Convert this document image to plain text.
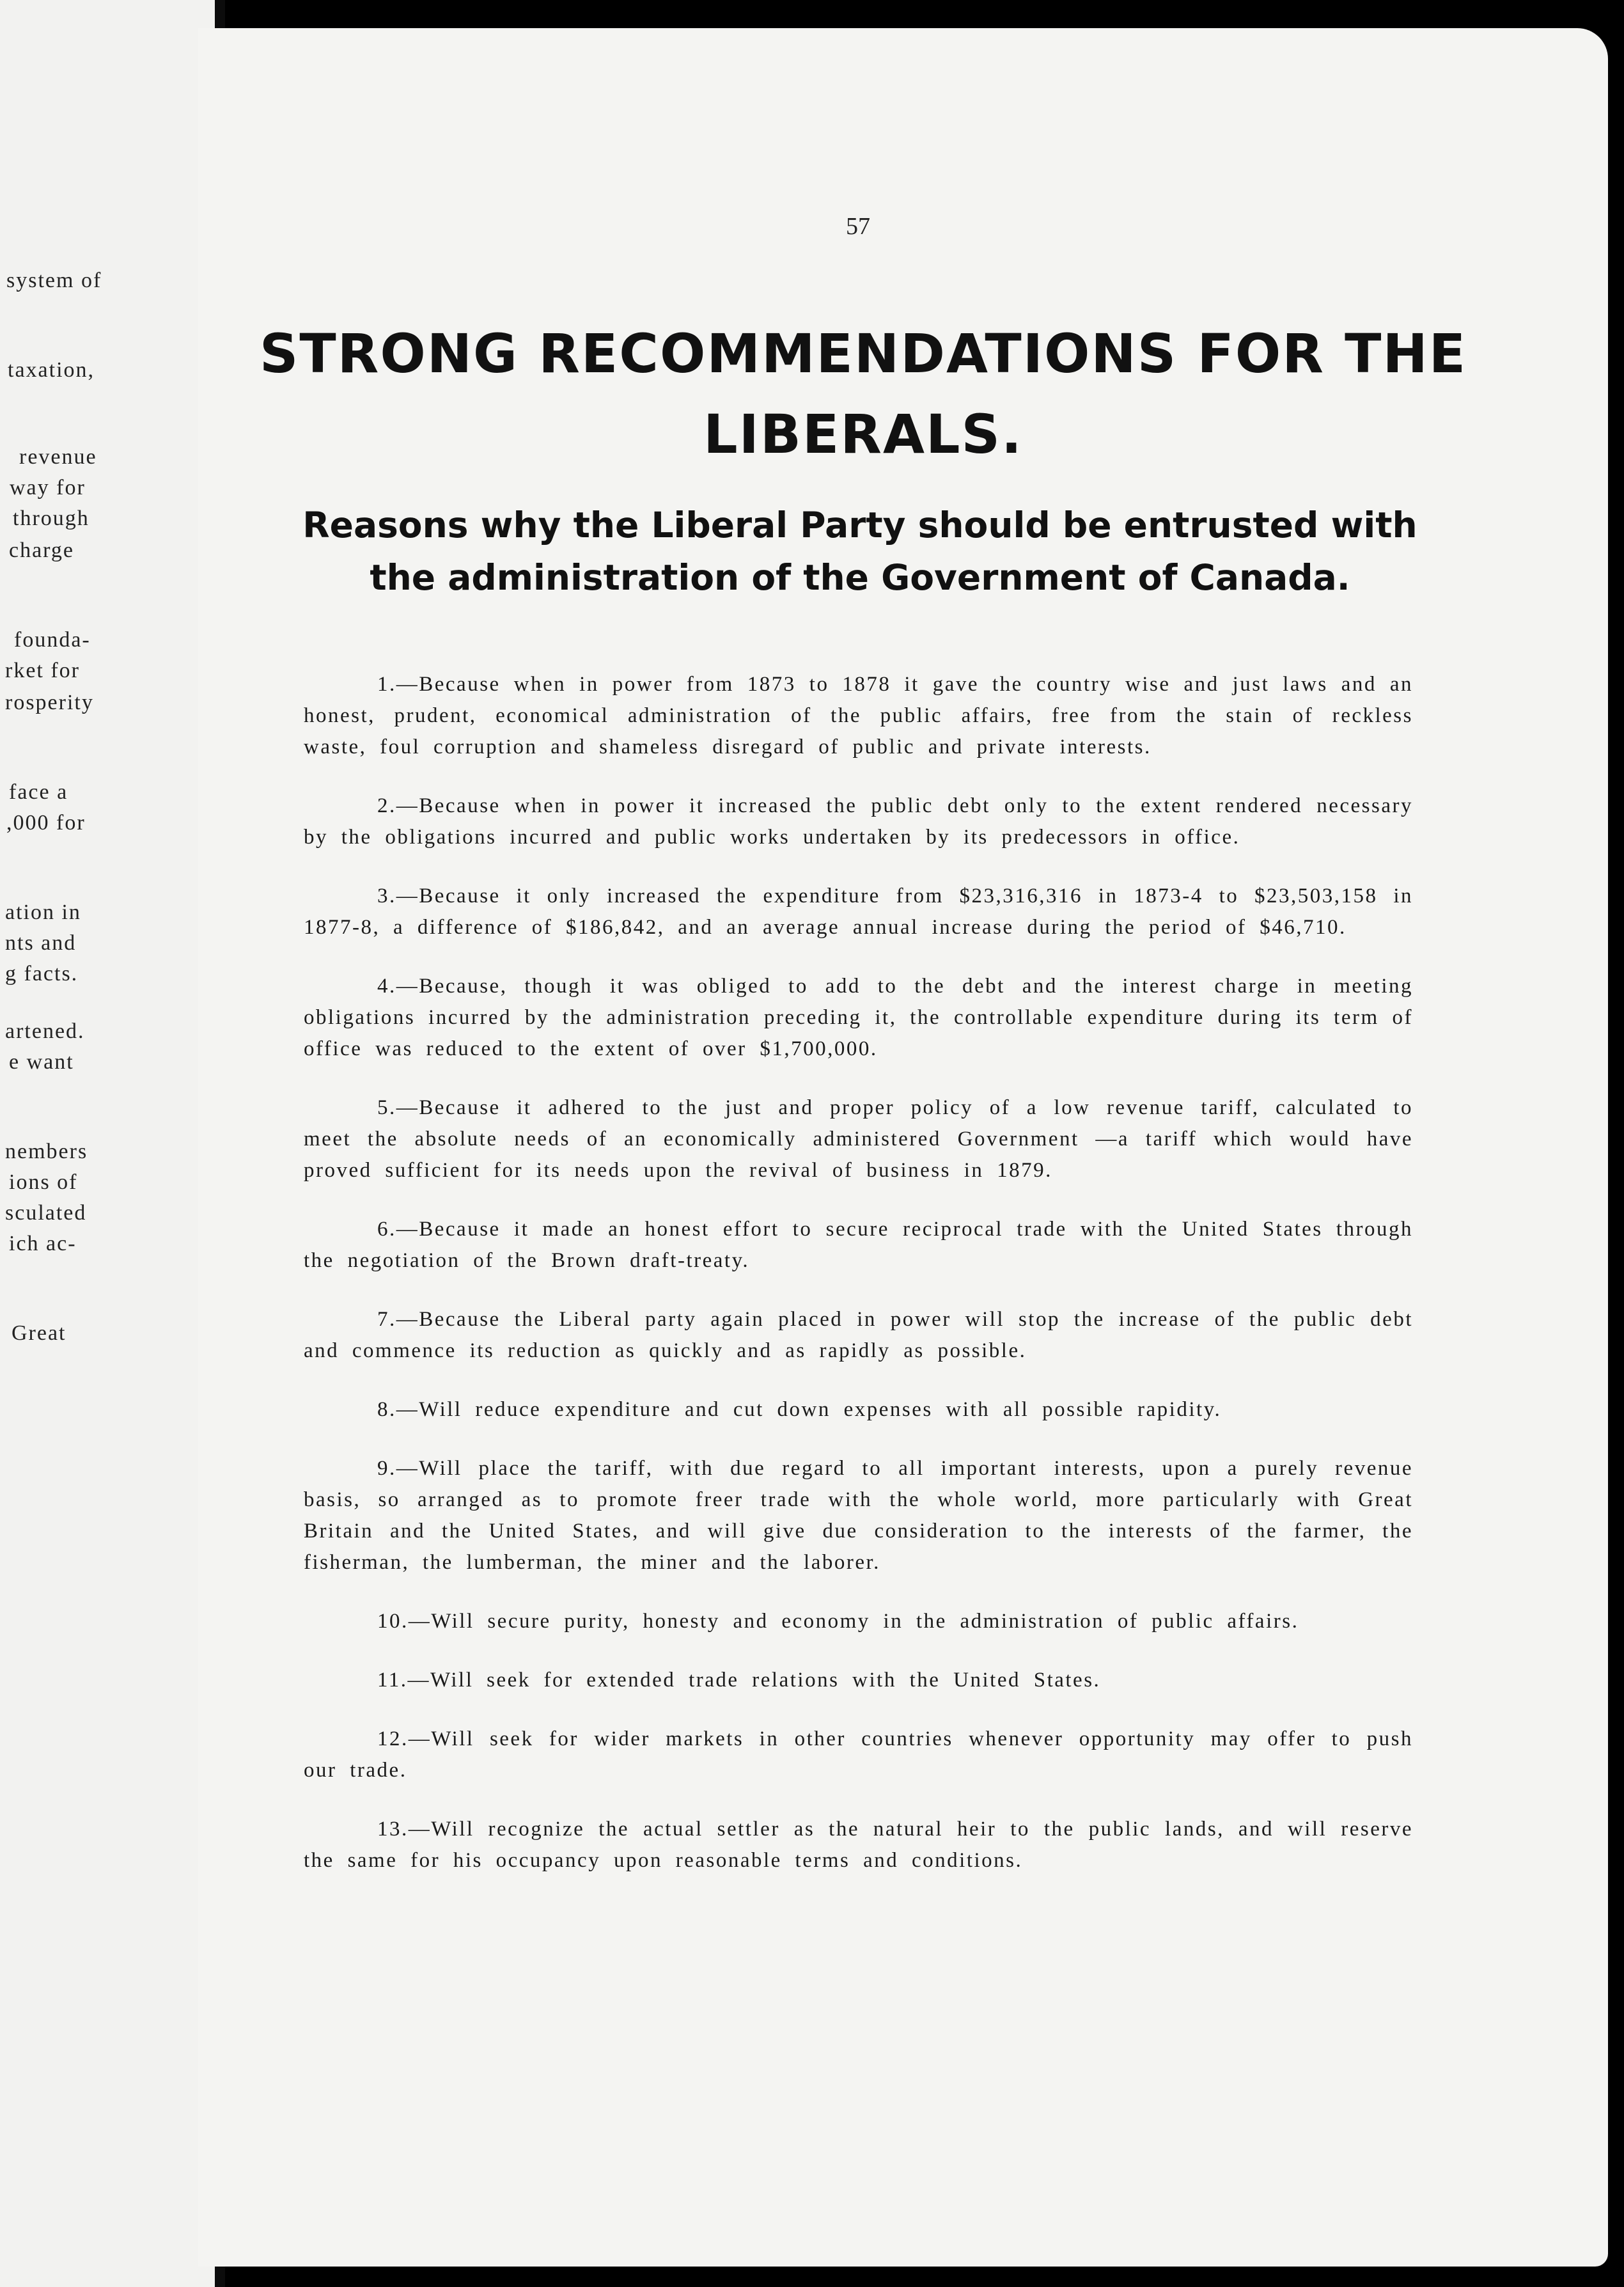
system of
taxation,
revenue
way for
through
charge
founda-
rket for
rosperity
face a
,000 for
ation in
nts and
g facts.
artened.
e want
nembers
ions of
sculated
ich ac-
Great
57
STRONG RECOMMENDATIONS FOR THE LIBERALS.
Reasons why the Liberal Party should be entrusted with the administration of the Government of Canada.

1.—Because when in power from 1873 to 1878 it gave the country wise and just laws and an honest, prudent, economical administration of the public affairs, free from the stain of reckless waste, foul corruption and shameless disregard of public and private interests.

2.—Because when in power it increased the public debt only to the extent rendered necessary by the obligations incurred and public works undertaken by its predecessors in office.

3.—Because it only increased the expenditure from $23,316,316 in 1873-4 to $23,503,158 in 1877-8, a difference of $186,842, and an average annual increase during the period of $46,710.

4.—Because, though it was obliged to add to the debt and the interest charge in meeting obligations incurred by the administration preceding it, the controllable expenditure during its term of office was reduced to the extent of over $1,700,000.

5.—Because it adhered to the just and proper policy of a low revenue tariff, calculated to meet the absolute needs of an economically administered Government —a tariff which would have proved sufficient for its needs upon the revival of business in 1879.

6.—Because it made an honest effort to secure reciprocal trade with the United States through the negotiation of the Brown draft-treaty.

7.—Because the Liberal party again placed in power will stop the increase of the public debt and commence its reduction as quickly and as rapidly as possible.

8.—Will reduce expenditure and cut down expenses with all possible rapidity.

9.—Will place the tariff, with due regard to all important interests, upon a purely revenue basis, so arranged as to promote freer trade with the whole world, more particularly with Great Britain and the United States, and will give due consideration to the interests of the farmer, the fisherman, the lumberman, the miner and the laborer.

10.—Will secure purity, honesty and economy in the administration of public affairs.

11.—Will seek for extended trade relations with the United States.

12.—Will seek for wider markets in other countries whenever opportunity may offer to push our trade.

13.—Will recognize the actual settler as the natural heir to the public lands, and will reserve the same for his occupancy upon reasonable terms and conditions.
